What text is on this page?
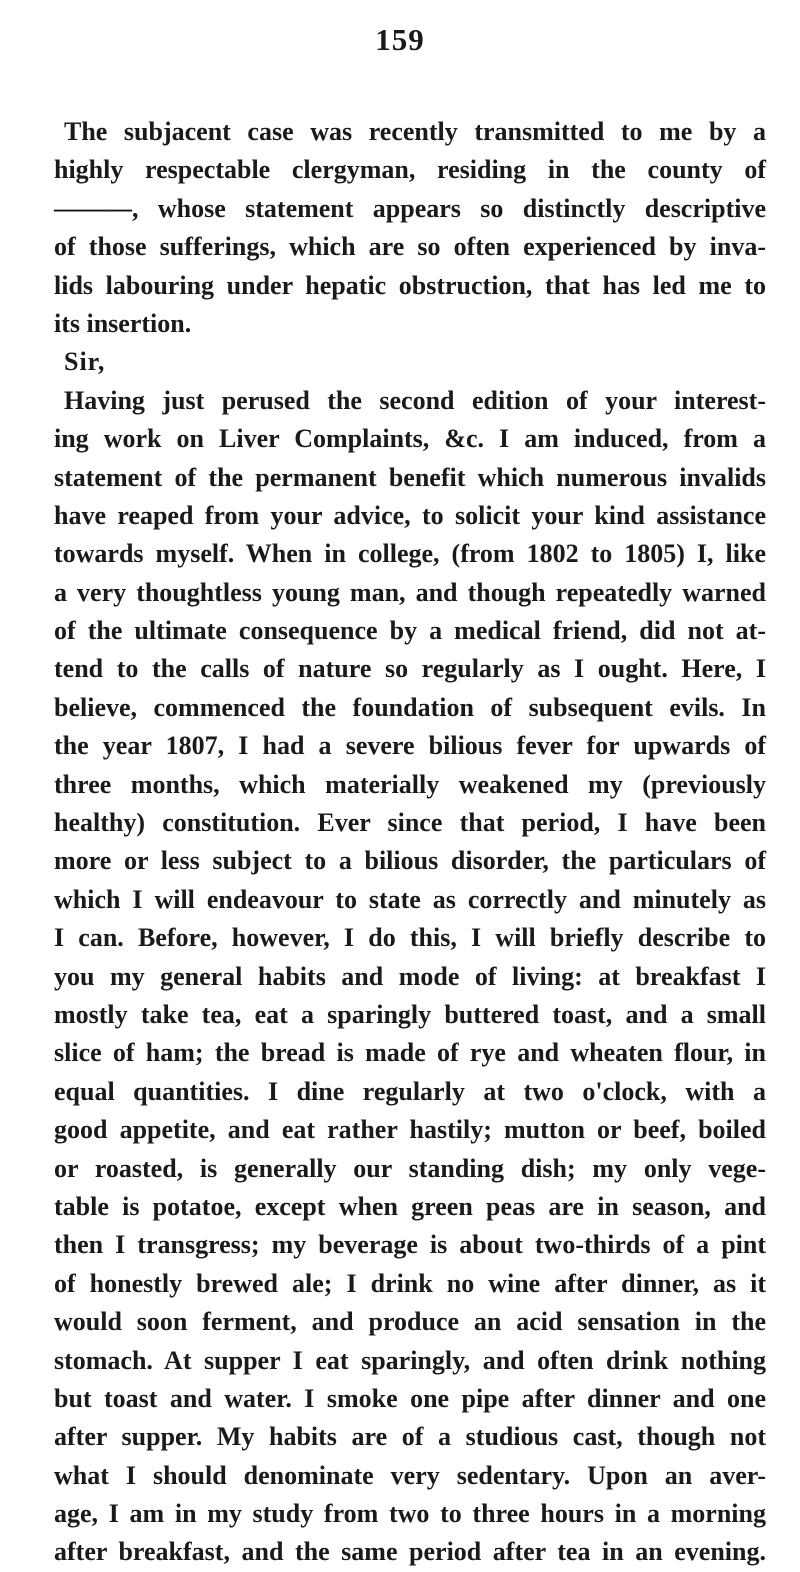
159
The subjacent case was recently transmitted to me by a
highly respectable clergyman, residing in the county of
———, whose statement appears so distinctly descriptive
of those sufferings, which are so often experienced by inva-
lids labouring under hepatic obstruction, that has led me to
its insertion.
Sir,
Having just perused the second edition of your interest-
ing work on Liver Complaints, &c. I am induced, from a
statement of the permanent benefit which numerous invalids
have reaped from your advice, to solicit your kind assistance
towards myself. When in college, (from 1802 to 1805) I, like
a very thoughtless young man, and though repeatedly warned
of the ultimate consequence by a medical friend, did not at-
tend to the calls of nature so regularly as I ought. Here, I
believe, commenced the foundation of subsequent evils. In
the year 1807, I had a severe bilious fever for upwards of
three months, which materially weakened my (previously
healthy) constitution. Ever since that period, I have been
more or less subject to a bilious disorder, the particulars of
which I will endeavour to state as correctly and minutely as
I can. Before, however, I do this, I will briefly describe to
you my general habits and mode of living: at breakfast I
mostly take tea, eat a sparingly buttered toast, and a small
slice of ham; the bread is made of rye and wheaten flour, in
equal quantities. I dine regularly at two o'clock, with a
good appetite, and eat rather hastily; mutton or beef, boiled
or roasted, is generally our standing dish; my only vege-
table is potatoe, except when green peas are in season, and
then I transgress; my beverage is about two-thirds of a pint
of honestly brewed ale; I drink no wine after dinner, as it
would soon ferment, and produce an acid sensation in the
stomach. At supper I eat sparingly, and often drink nothing
but toast and water. I smoke one pipe after dinner and one
after supper. My habits are of a studious cast, though not
what I should denominate very sedentary. Upon an aver-
age, I am in my study from two to three hours in a morning
after breakfast, and the same period after tea in an evening.
